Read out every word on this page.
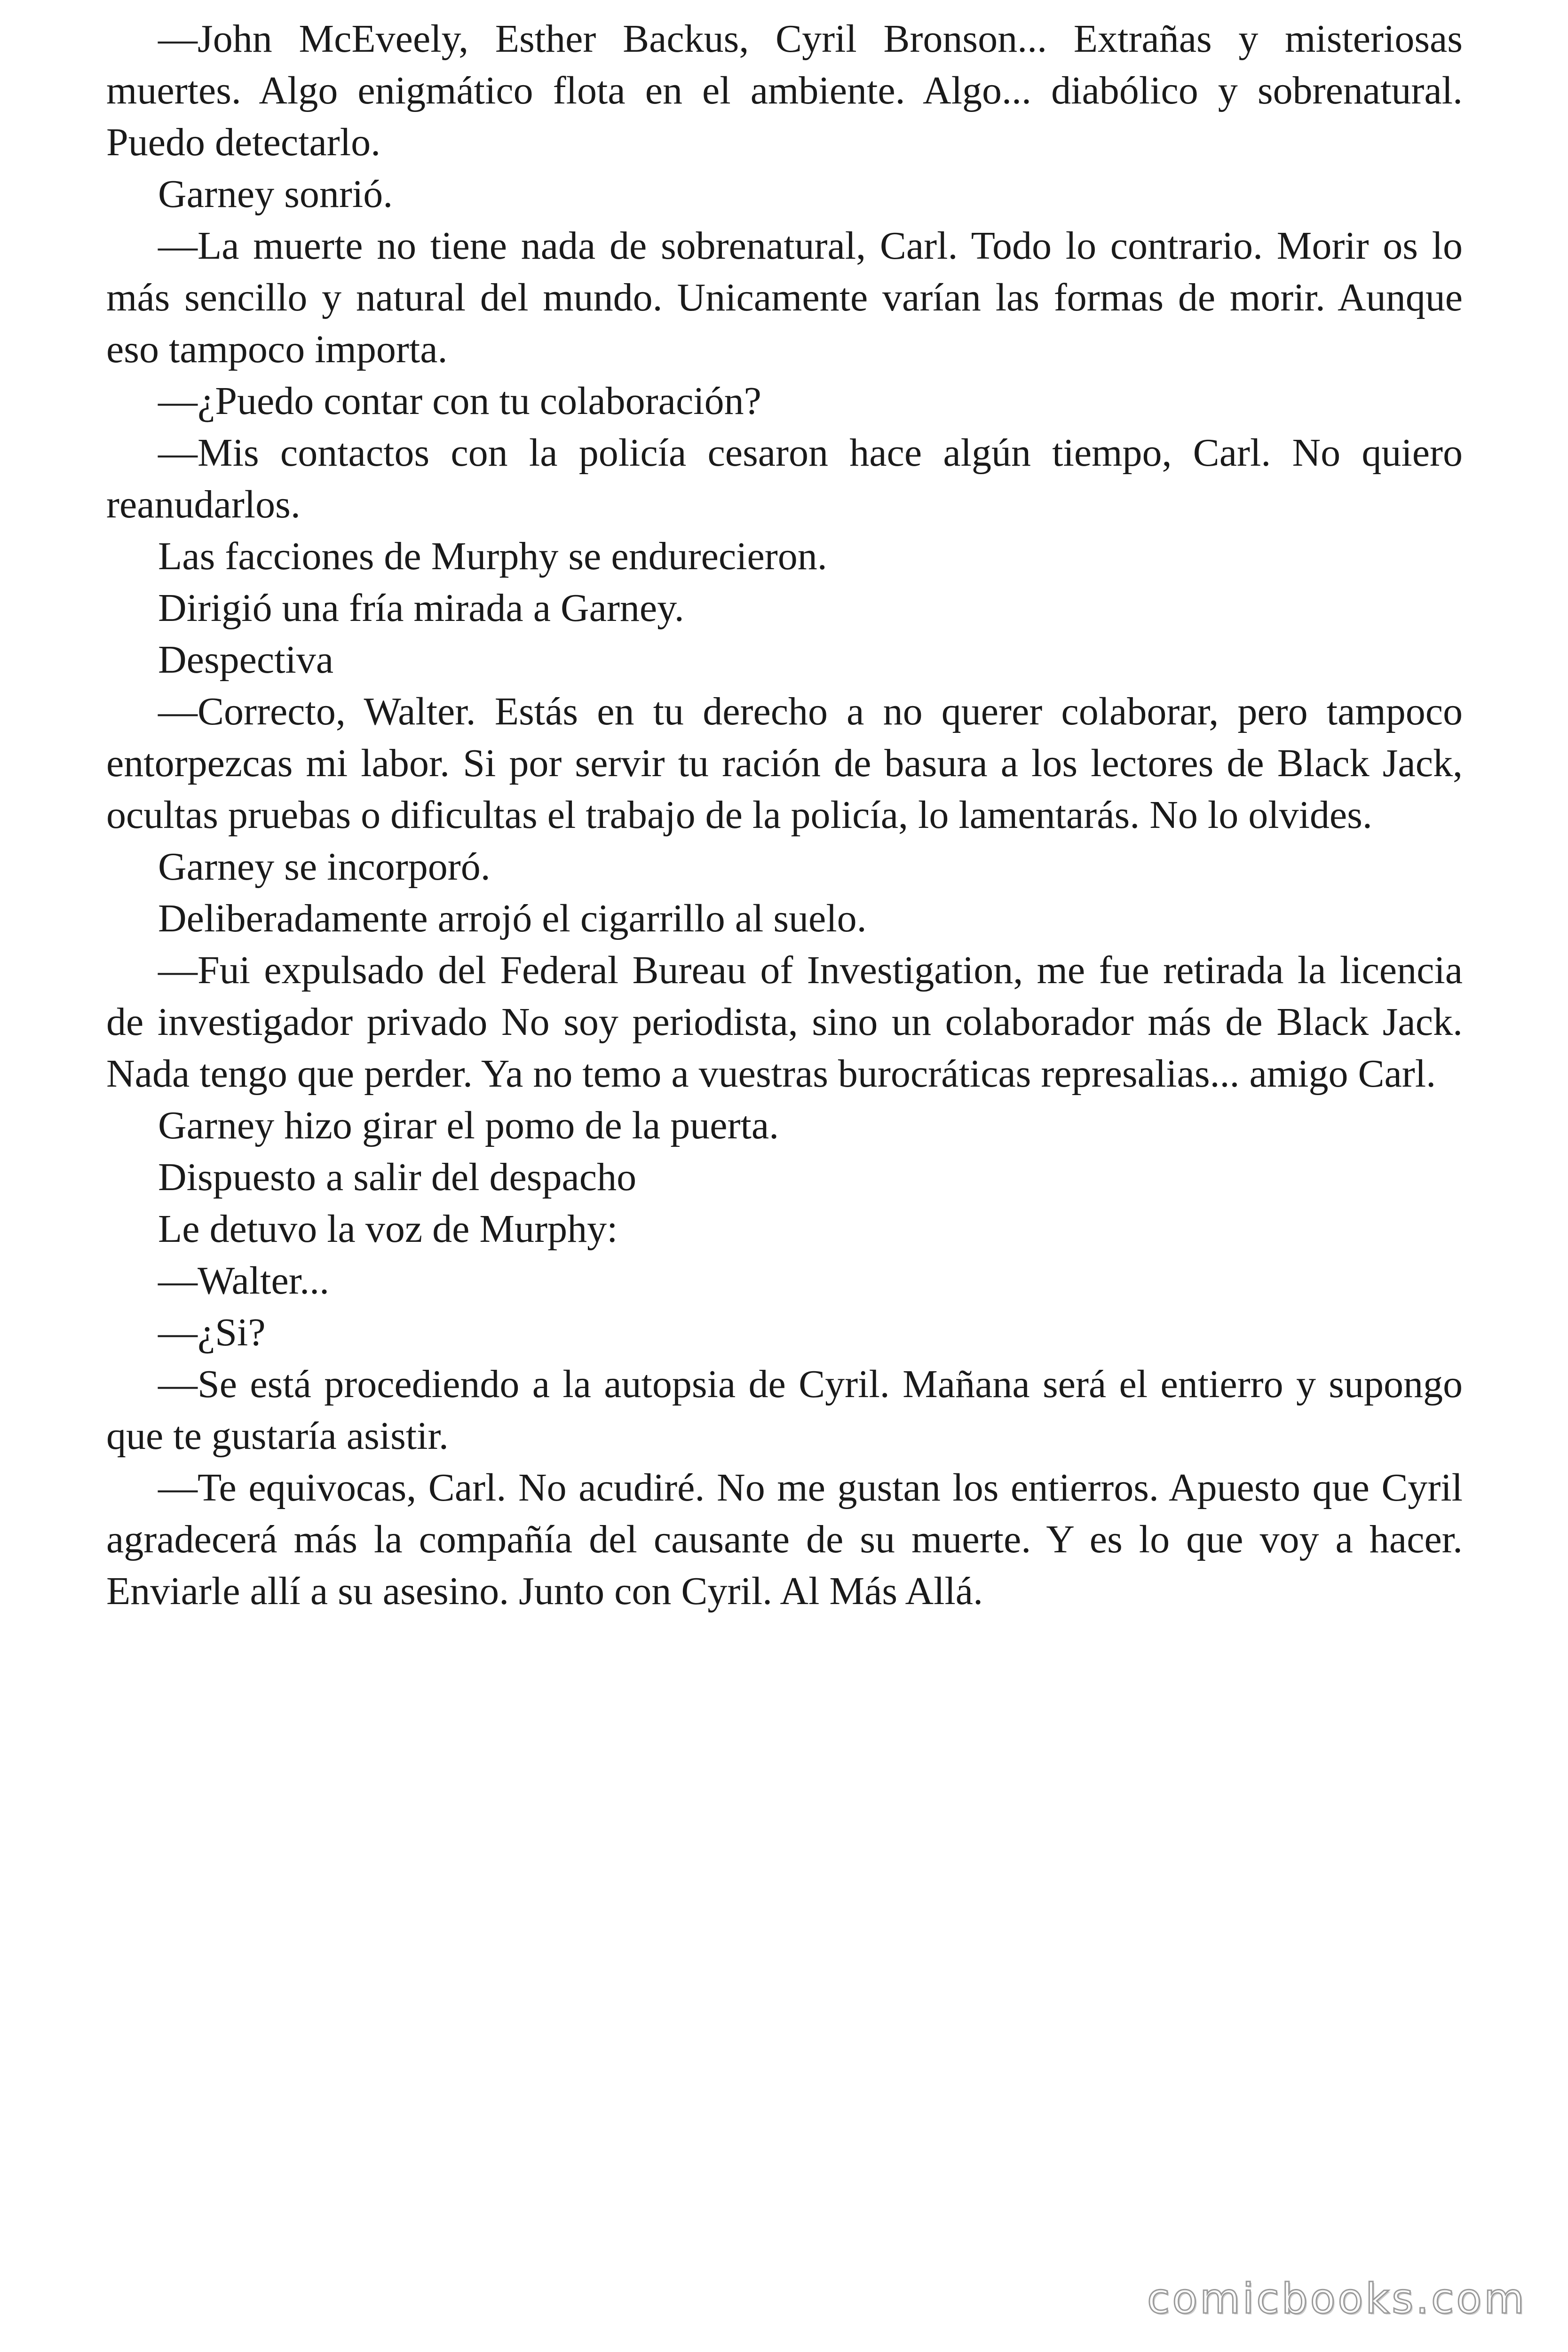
—John McEveely, Esther Backus, Cyril Bronson... Extrañas y misteriosas muertes. Algo enigmático flota en el ambiente. Algo... diabólico y sobrenatural. Puedo detectarlo.

Garney sonrió.

—La muerte no tiene nada de sobrenatural, Carl. Todo lo contrario. Morir os lo más sencillo y natural del mundo. Unicamente varían las formas de morir. Aunque eso tampoco importa.

—¿Puedo contar con tu colaboración?

—Mis contactos con la policía cesaron hace algún tiempo, Carl. No quiero reanudarlos.

Las facciones de Murphy se endurecieron.

Dirigió una fría mirada a Garney.

Despectiva

—Correcto, Walter. Estás en tu derecho a no querer colaborar, pero tampoco entorpezcas mi labor. Si por servir tu ración de basura a los lectores de Black Jack, ocultas pruebas o dificultas el trabajo de la policía, lo lamentarás. No lo olvides.

Garney se incorporó.

Deliberadamente arrojó el cigarrillo al suelo.

—Fui expulsado del Federal Bureau of Investigation, me fue retirada la licencia de investigador privado No soy periodista, sino un colaborador más de Black Jack. Nada tengo que perder. Ya no temo a vuestras burocráticas represalias... amigo Carl.

Garney hizo girar el pomo de la puerta.

Dispuesto a salir del despacho

Le detuvo la voz de Murphy:

—Walter...

—¿Si?

—Se está procediendo a la autopsia de Cyril. Mañana será el entierro y supongo que te gustaría asistir.

—Te equivocas, Carl. No acudiré. No me gustan los entierros. Apuesto que Cyril agradecerá más la compañía del causante de su muerte. Y es lo que voy a hacer. Enviarle allí a su asesino. Junto con Cyril. Al Más Allá.

comicbooks.com
